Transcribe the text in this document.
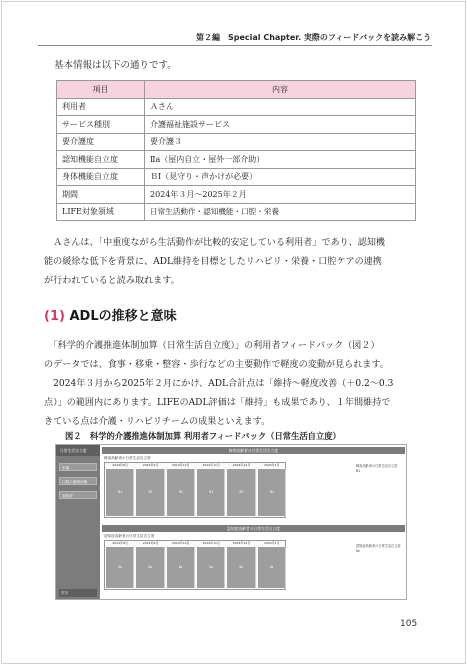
第２編　Special Chapter. 実際のフィードバックを読み解こう
基本情報は以下の通りです。
項目	内容
利用者	Ａさん
サービス種別	介護福祉施設サービス
要介護度	要介護３
認知機能自立度	Ⅱa（屋内自立・屋外一部介助）
身体機能自立度	ＢⅠ（見守り・声かけが必要）
期間	2024年３月～2025年２月
LIFE対象領域	日常生活動作・認知機能・口腔・栄養
　Ａさんは、「中重度ながら生活動作が比較的安定している利用者」であり、認知機
能の緩徐な低下を背景に、ADL維持を目標としたリハビリ・栄養・口腔ケアの連携
が行われていると読み取れます。
(1) ADLの推移と意味
　「科学的介護推進体制加算（日常生活自立度）」の利用者フィードバック（図２）
のデータでは、食事・移乗・整容・歩行などの主要動作で軽度の変動が見られます。
　2024年３月から2025年２月にかけ、ADL合計点は「維持～軽度改善（＋0.2～0.3
点）」の範囲内にあります。LIFEのADL評価は「維持」も成果であり、１年間維持で
きている点は介護・リハビリチームの成果といえます。
図２　科学的介護推進体制加算 利用者フィードバック（日常生活自立度）
日常生活自立度
栄養
口腔の健康状態
認知症
戻る
障害高齢者の日常生活自立度
障害高齢者の日常生活自立度
2024年8月
B1
2024年9月
B1
2024年10月
B1
2024年11月
B1
2024年12月
B1
2025年1月
B1
障害高齢者の日常生活自立度
B1
認知症高齢者の日常生活自立度
認知症高齢者の日常生活自立度
2024年8月
Ⅱa
2024年9月
Ⅱa
2024年10月
Ⅱa
2024年11月
Ⅱa
2024年12月
Ⅱa
2025年1月
Ⅱa
認知症高齢者の日常生活自立度
Ⅱa
105
